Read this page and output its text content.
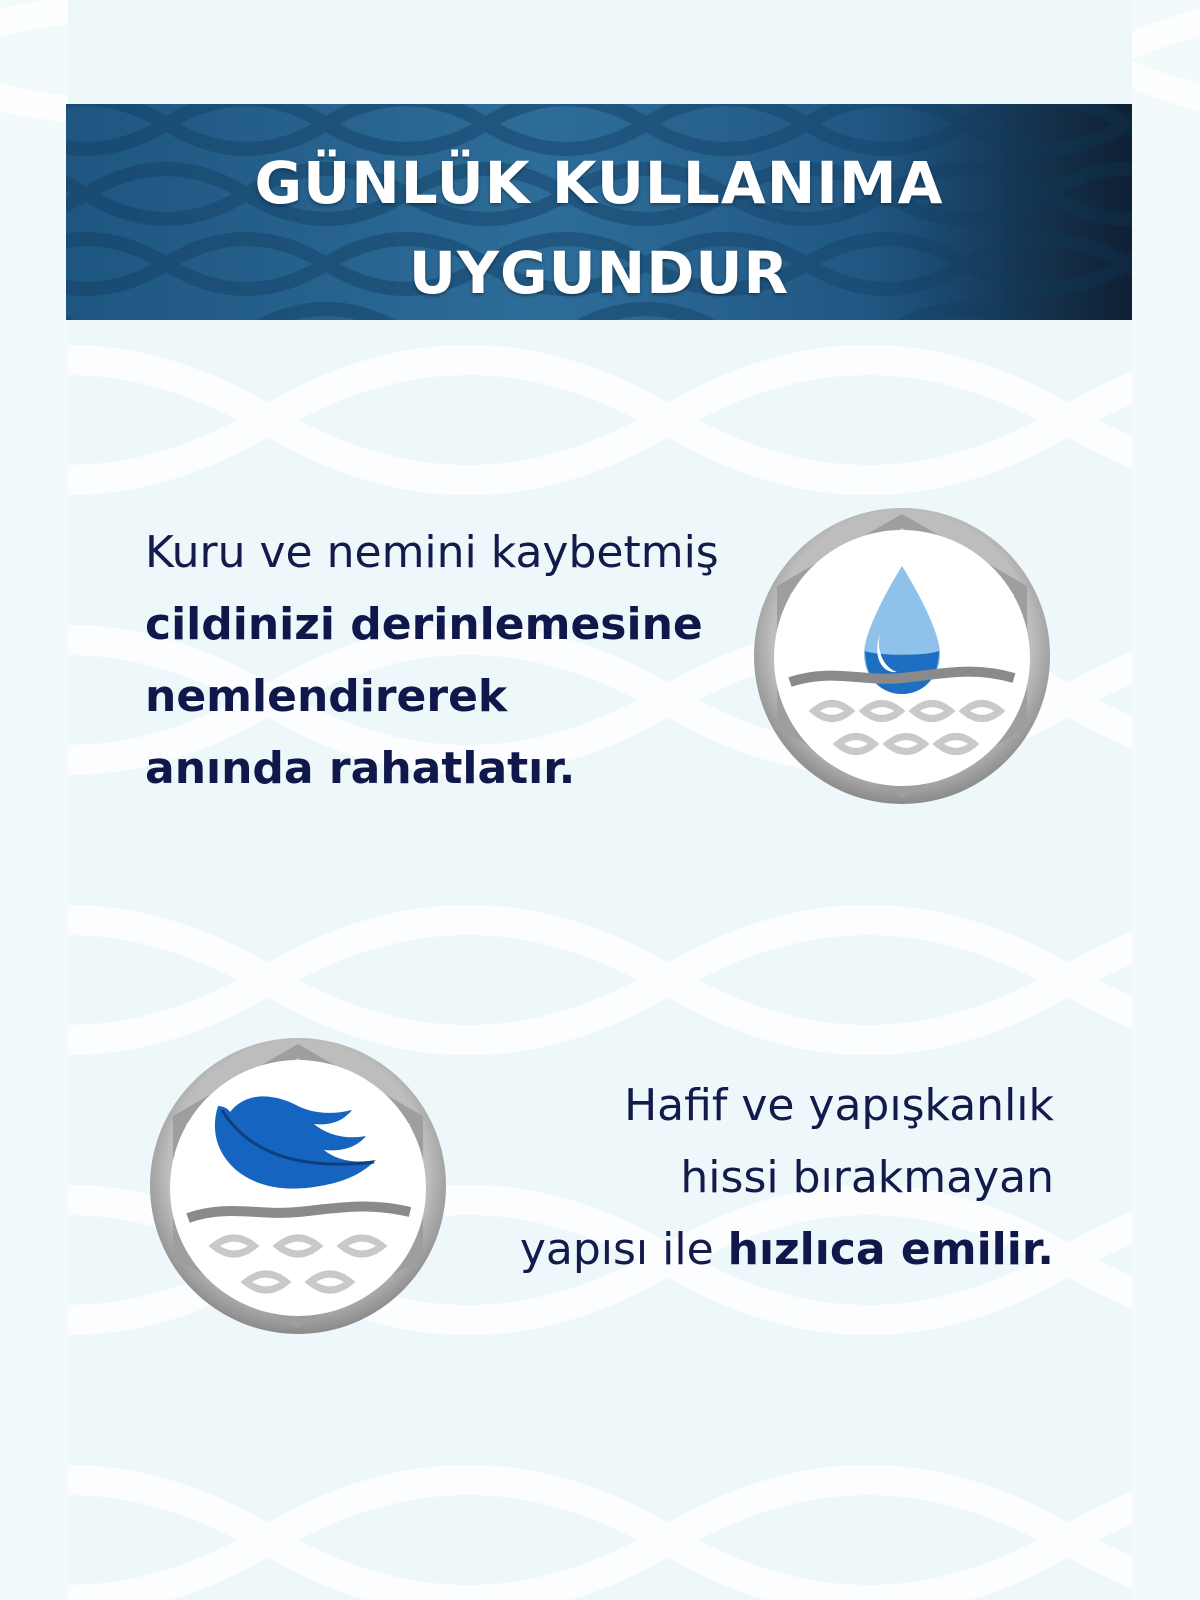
GÜNLÜK KULLANIMA
UYGUNDUR
Kuru ve nemini kaybetmiş
cildinizi derinlemesine
nemlendirerek
anında rahatlatır.
Hafif ve yapışkanlık
hissi bırakmayan
yapısı ile hızlıca emilir.
